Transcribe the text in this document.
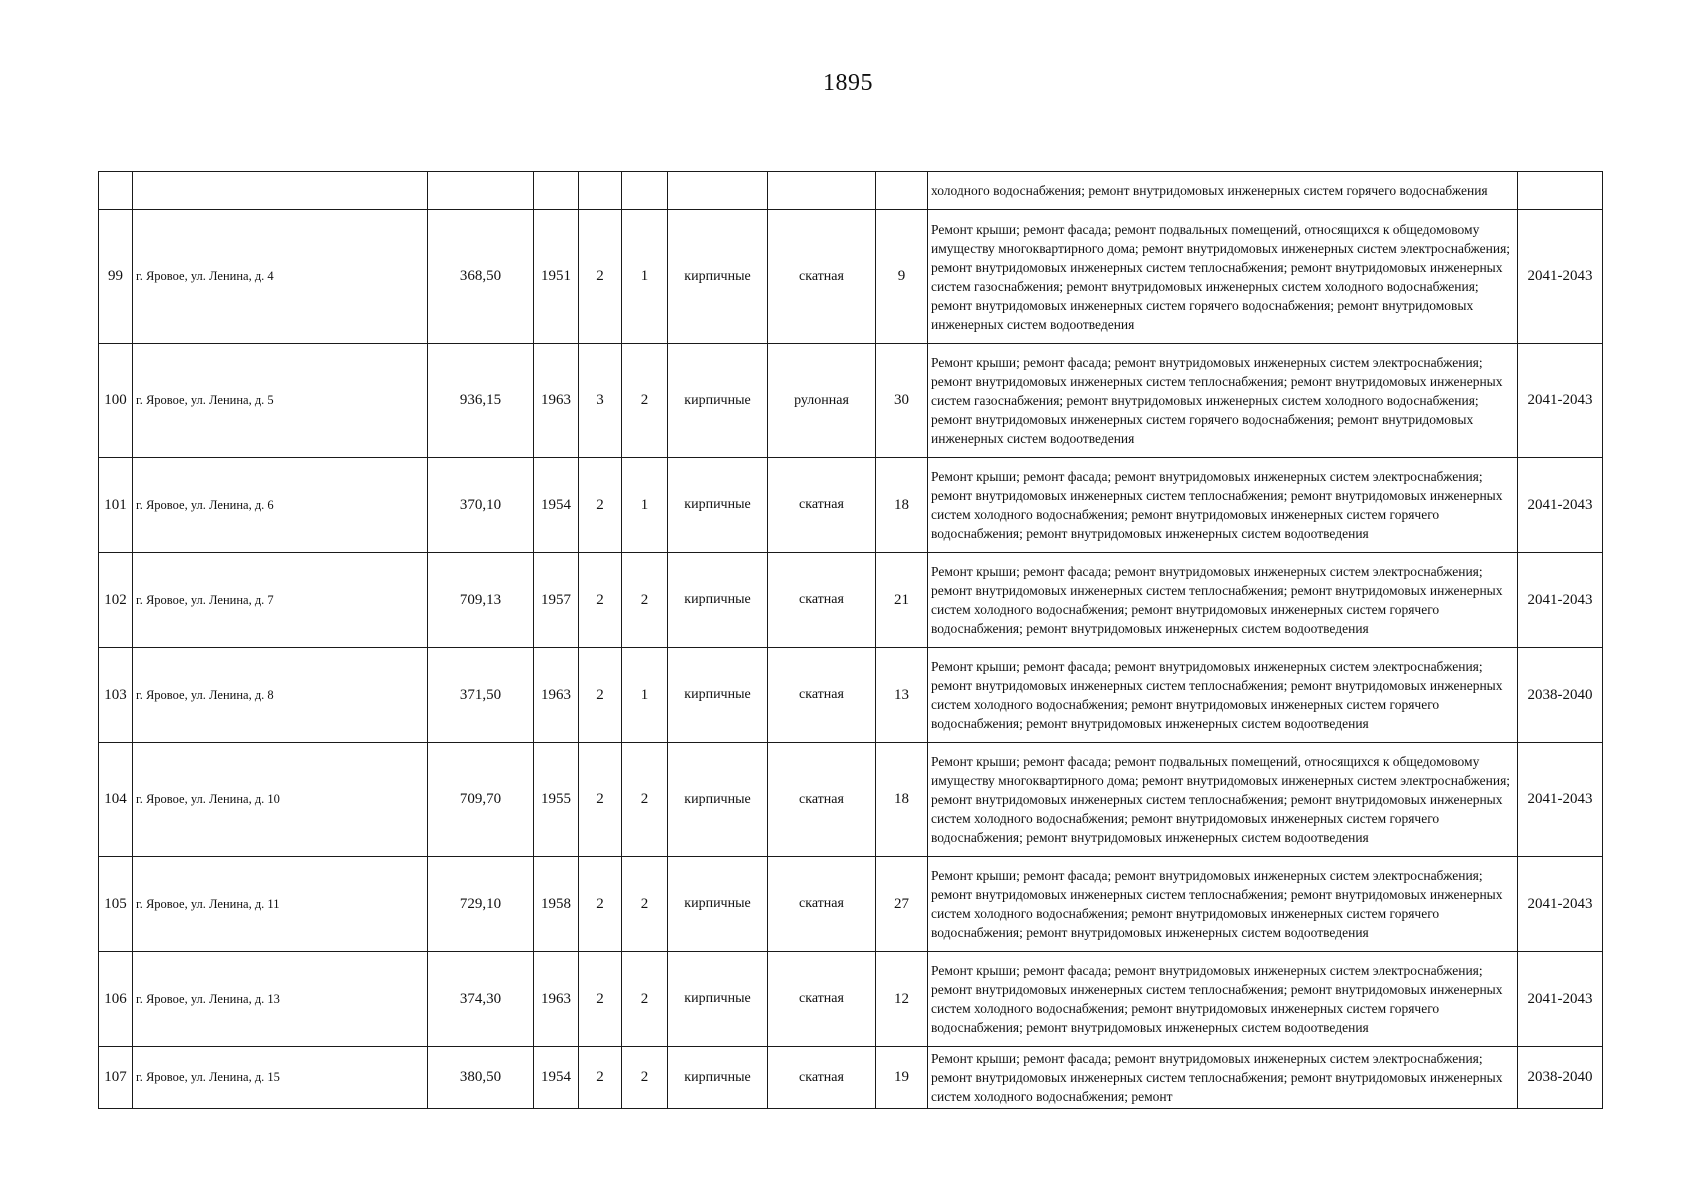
1895

									холодного водоснабжения; ремонт внутридомовых инженерных систем горячего водоснабжения	

99	г. Яровое, ул. Ленина, д. 4	368,50	1951	2	1	кирпичные	скатная	9	Ремонт крыши; ремонт фасада; ремонт подвальных помещений, относящихся к общедомовому имуществу многоквартирного дома; ремонт внутридомовых инженерных систем электроснабжения; ремонт внутридомовых инженерных систем теплоснабжения; ремонт внутридомовых инженерных систем газоснабжения; ремонт внутридомовых инженерных систем холодного водоснабжения; ремонт внутридомовых инженерных систем горячего водоснабжения; ремонт внутридомовых инженерных систем водоотведения	2041-2043
100	г. Яровое, ул. Ленина, д. 5	936,15	1963	3	2	кирпичные	рулонная	30	Ремонт крыши; ремонт фасада; ремонт внутридомовых инженерных систем электроснабжения; ремонт внутридомовых инженерных систем теплоснабжения; ремонт внутридомовых инженерных систем газоснабжения; ремонт внутридомовых инженерных систем холодного водоснабжения; ремонт внутридомовых инженерных систем горячего водоснабжения; ремонт внутридомовых инженерных систем водоотведения	2041-2043
101	г. Яровое, ул. Ленина, д. 6	370,10	1954	2	1	кирпичные	скатная	18	Ремонт крыши; ремонт фасада; ремонт внутридомовых инженерных систем электроснабжения; ремонт внутридомовых инженерных систем теплоснабжения; ремонт внутридомовых инженерных систем холодного водоснабжения; ремонт внутридомовых инженерных систем горячего водоснабжения; ремонт внутридомовых инженерных систем водоотведения	2041-2043
102	г. Яровое, ул. Ленина, д. 7	709,13	1957	2	2	кирпичные	скатная	21	Ремонт крыши; ремонт фасада; ремонт внутридомовых инженерных систем электроснабжения; ремонт внутридомовых инженерных систем теплоснабжения; ремонт внутридомовых инженерных систем холодного водоснабжения; ремонт внутридомовых инженерных систем горячего водоснабжения; ремонт внутридомовых инженерных систем водоотведения	2041-2043
103	г. Яровое, ул. Ленина, д. 8	371,50	1963	2	1	кирпичные	скатная	13	Ремонт крыши; ремонт фасада; ремонт внутридомовых инженерных систем электроснабжения; ремонт внутридомовых инженерных систем теплоснабжения; ремонт внутридомовых инженерных систем холодного водоснабжения; ремонт внутридомовых инженерных систем горячего водоснабжения; ремонт внутридомовых инженерных систем водоотведения	2038-2040
104	г. Яровое, ул. Ленина, д. 10	709,70	1955	2	2	кирпичные	скатная	18	Ремонт крыши; ремонт фасада; ремонт подвальных помещений, относящихся к общедомовому имуществу многоквартирного дома; ремонт внутридомовых инженерных систем электроснабжения; ремонт внутридомовых инженерных систем теплоснабжения; ремонт внутридомовых инженерных систем холодного водоснабжения; ремонт внутридомовых инженерных систем горячего водоснабжения; ремонт внутридомовых инженерных систем водоотведения	2041-2043
105	г. Яровое, ул. Ленина, д. 11	729,10	1958	2	2	кирпичные	скатная	27	Ремонт крыши; ремонт фасада; ремонт внутридомовых инженерных систем электроснабжения; ремонт внутридомовых инженерных систем теплоснабжения; ремонт внутридомовых инженерных систем холодного водоснабжения; ремонт внутридомовых инженерных систем горячего водоснабжения; ремонт внутридомовых инженерных систем водоотведения	2041-2043
106	г. Яровое, ул. Ленина, д. 13	374,30	1963	2	2	кирпичные	скатная	12	Ремонт крыши; ремонт фасада; ремонт внутридомовых инженерных систем электроснабжения; ремонт внутридомовых инженерных систем теплоснабжения; ремонт внутридомовых инженерных систем холодного водоснабжения; ремонт внутридомовых инженерных систем горячего водоснабжения; ремонт внутридомовых инженерных систем водоотведения	2041-2043
107	г. Яровое, ул. Ленина, д. 15	380,50	1954	2	2	кирпичные	скатная	19	Ремонт крыши; ремонт фасада; ремонт внутридомовых инженерных систем электроснабжения; ремонт внутридомовых инженерных систем теплоснабжения; ремонт внутридомовых инженерных систем холодного водоснабжения; ремонт	2038-2040
